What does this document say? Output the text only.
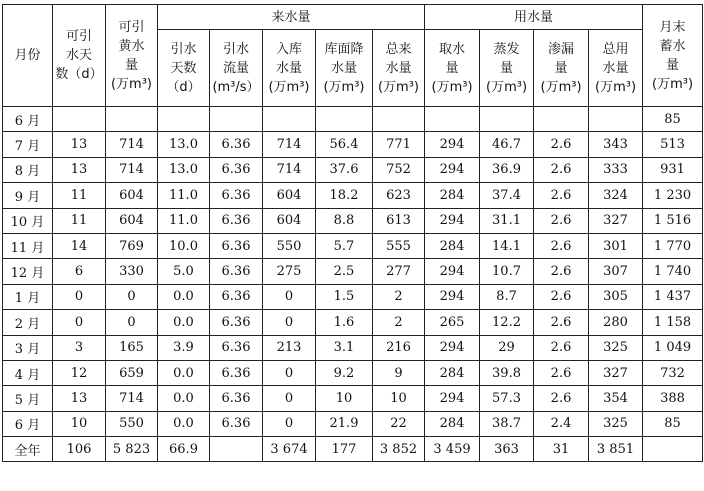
月份	可引
水天
数（d）	可引
黄水
量
(万m³)	来水量					用水量				月末
蓄水
量
(万m³)
			引水
天数
（d）	引水
流量
(m³/s）	入库
水量
(万m³)	库面降
水量
(万m³)	总来
水量
(万m³)	取水
量
(万m³)	蒸发
量
(万m³)	渗漏
量
(万m³)	总用
水量
(万m³)	
6 月												85
7 月	13	714	13.0	6.36	714	56.4	771	294	46.7	2.6	343	513
8 月	13	714	13.0	6.36	714	37.6	752	294	36.9	2.6	333	931
9 月	11	604	11.0	6.36	604	18.2	623	284	37.4	2.6	324	1 230
10 月	11	604	11.0	6.36	604	8.8	613	294	31.1	2.6	327	1 516
11 月	14	769	10.0	6.36	550	5.7	555	284	14.1	2.6	301	1 770
12 月	6	330	5.0	6.36	275	2.5	277	294	10.7	2.6	307	1 740
1 月	0	0	0.0	6.36	0	1.5	2	294	8.7	2.6	305	1 437
2 月	0	0	0.0	6.36	0	1.6	2	265	12.2	2.6	280	1 158
3 月	3	165	3.9	6.36	213	3.1	216	294	29	2.6	325	1 049
4 月	12	659	0.0	6.36	0	9.2	9	284	39.8	2.6	327	732
5 月	13	714	0.0	6.36	0	10	10	294	57.3	2.6	354	388
6 月	10	550	0.0	6.36	0	21.9	22	284	38.7	2.4	325	85
全年	106	5 823	66.9		3 674	177	3 852	3 459	363	31	3 851	
